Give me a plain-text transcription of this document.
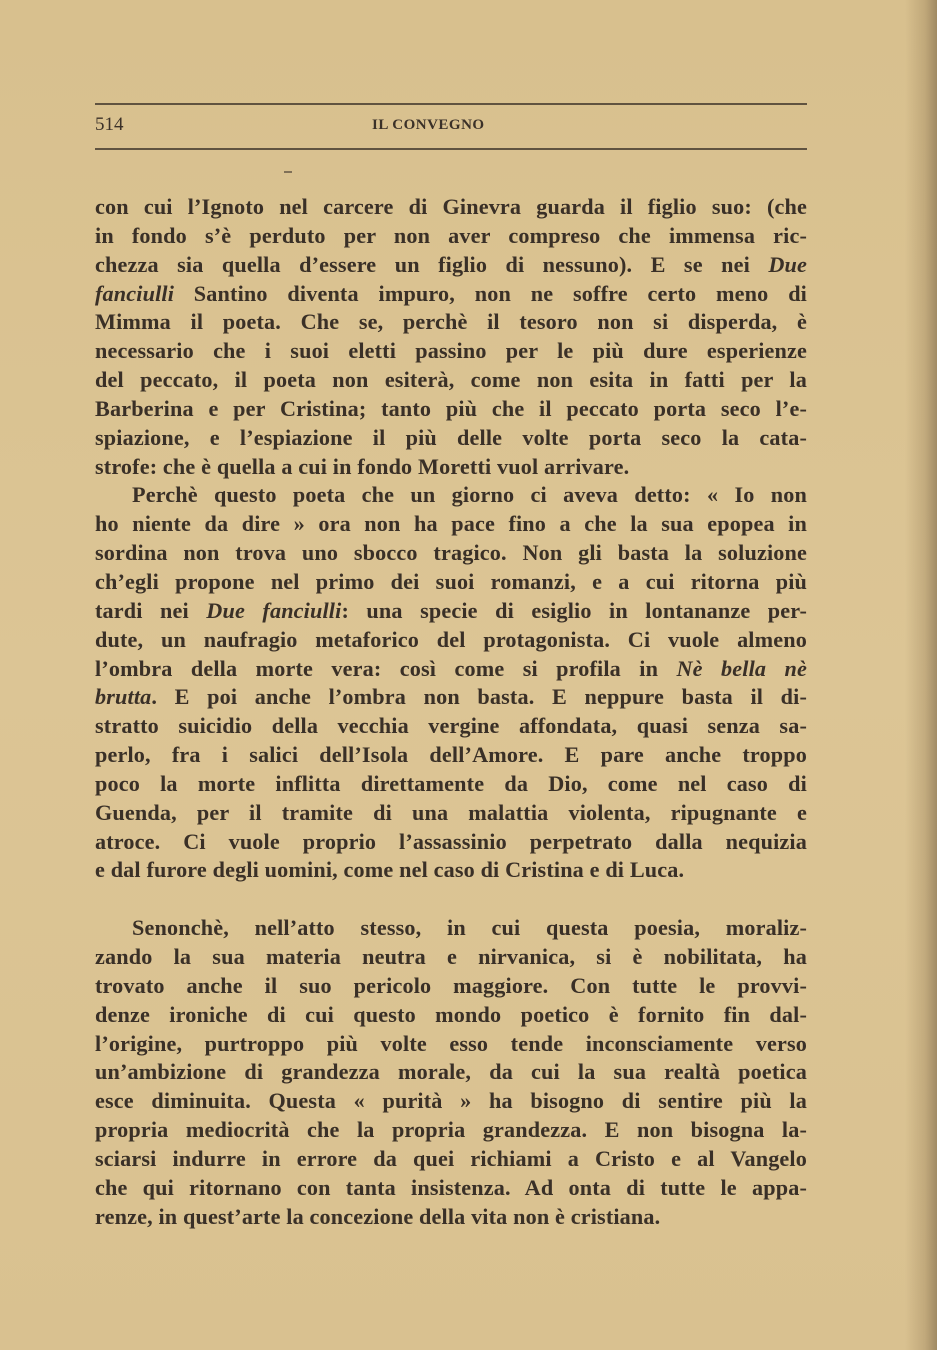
514	IL CONVEGNO
con cui l’Ignoto nel carcere di Ginevra guarda il figlio suo: (che
in fondo s’è perduto per non aver compreso che immensa ric-
chezza sia quella d’essere un figlio di nessuno). E se nei Due
fanciulli Santino diventa impuro, non ne soffre certo meno di
Mimma il poeta. Che se, perchè il tesoro non si disperda, è
necessario che i suoi eletti passino per le più dure esperienze
del peccato, il poeta non esiterà, come non esita in fatti per la
Barberina e per Cristina; tanto più che il peccato porta seco l’e-
spiazione, e l’espiazione il più delle volte porta seco la cata-
strofe: che è quella a cui in fondo Moretti vuol arrivare.
Perchè questo poeta che un giorno ci aveva detto: « Io non
ho niente da dire » ora non ha pace fino a che la sua epopea in
sordina non trova uno sbocco tragico. Non gli basta la soluzione
ch’egli propone nel primo dei suoi romanzi, e a cui ritorna più
tardi nei Due fanciulli: una specie di esiglio in lontananze per-
dute, un naufragio metaforico del protagonista. Ci vuole almeno
l’ombra della morte vera: così come si profila in Nè bella nè
brutta. E poi anche l’ombra non basta. E neppure basta il di-
stratto suicidio della vecchia vergine affondata, quasi senza sa-
perlo, fra i salici dell’Isola dell’Amore. E pare anche troppo
poco la morte inflitta direttamente da Dio, come nel caso di
Guenda, per il tramite di una malattia violenta, ripugnante e
atroce. Ci vuole proprio l’assassinio perpetrato dalla nequizia
e dal furore degli uomini, come nel caso di Cristina e di Luca.
Senonchè, nell’atto stesso, in cui questa poesia, moraliz-
zando la sua materia neutra e nirvanica, si è nobilitata, ha
trovato anche il suo pericolo maggiore. Con tutte le provvi-
denze ironiche di cui questo mondo poetico è fornito fin dal-
l’origine, purtroppo più volte esso tende inconsciamente verso
un’ambizione di grandezza morale, da cui la sua realtà poetica
esce diminuita. Questa « purità » ha bisogno di sentire più la
propria mediocrità che la propria grandezza. E non bisogna la-
sciarsi indurre in errore da quei richiami a Cristo e al Vangelo
che qui ritornano con tanta insistenza. Ad onta di tutte le appa-
renze, in quest’arte la concezione della vita non è cristiana.
